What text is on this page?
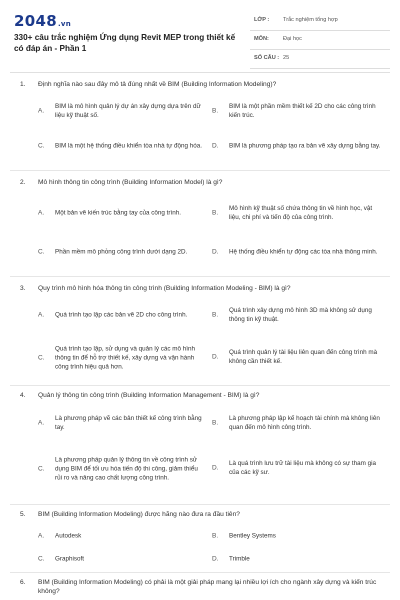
2048.vn
330+ câu trắc nghiệm Ứng dụng Revit MEP trong thiết kế có đáp án - Phần 1
LỚP : Trắc nghiệm tổng hợp
MÔN:	Đại học
SỐ CÂU : 25
1. Định nghĩa nào sau đây mô tả đúng nhất về BIM (Building Information Modeling)?
A.
BIM là mô hình quản lý dự án xây dựng dựa trên dữ liệu kỹ thuật số.
B.
BIM là một phần mềm thiết kế 2D cho các công trình kiến trúc.
C. BIM là một hệ thống điều khiển tòa nhà tự động hóa.	D. BIM là phương pháp tạo ra bản vẽ xây dựng bằng tay.
2. Mô hình thông tin công trình (Building Information Model) là gì?
A. Một bản vẽ kiến trúc bằng tay của công trình.	B.
Mô hình kỹ thuật số chứa thông tin về hình học, vật liệu, chi phí và tiến độ của công trình.
C. Phần mềm mô phỏng công trình dưới dạng 2D.	D. Hệ thống điều khiển tự động các tòa nhà thông minh.
3. Quy trình mô hình hóa thông tin công trình (Building Information Modeling - BIM) là gì?
A. Quá trình tạo lập các bản vẽ 2D cho công trình.	B.
Quá trình xây dựng mô hình 3D mà không sử dụng thông tin kỹ thuật.
C.
Quá trình tạo lập, sử dụng và quản lý các mô hình thông tin để hỗ trợ thiết kế, xây dựng và vận hành công trình hiệu quả hơn.
D.
Quá trình quản lý tài liệu liên quan đến công trình mà không cần thiết kế.
4. Quản lý thông tin công trình (Building Information Management - BIM) là gì?
A.
Là phương pháp vẽ các bản thiết kế công trình bằng tay.
B.
Là phương pháp lập kế hoạch tài chính mà không liên quan đến mô hình công trình.
C.
Là phương pháp quản lý thông tin về công trình sử dụng BIM để tối ưu hóa tiến độ thi công, giảm thiểu rủi ro và nâng cao chất lượng công trình.
D.
Là quá trình lưu trữ tài liệu mà không có sự tham gia của các kỹ sư.
5. BIM (Building Information Modeling) được hãng nào đưa ra đầu tiên?
A. Autodesk	B. Bentley Systems
C. Graphisoft	D. Trimble
6. BIM (Building Information Modeling) có phải là một giải pháp mang lại nhiều lợi ích cho ngành xây dựng và kiến trúc không?
